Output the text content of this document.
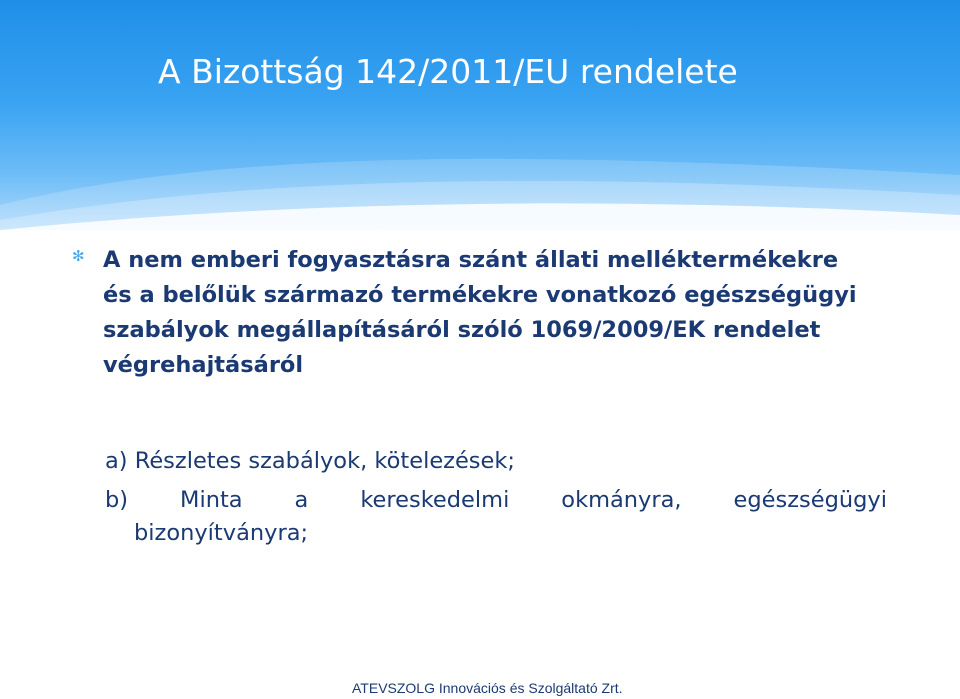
A Bizottság 142/2011/EU rendelete
✻ A nem emberi fogyasztásra szánt állati melléktermékekre és a belőlük származó termékekre vonatkozó egészségügyi szabályok megállapításáról szóló 1069/2009/EK rendelet végrehajtásáról

a) Részletes szabályok, kötelezések;

b) Minta a kereskedelmi okmányra, egészségügyi

bizonyítványra;

ATEVSZOLG Innovációs és Szolgáltató Zrt.
